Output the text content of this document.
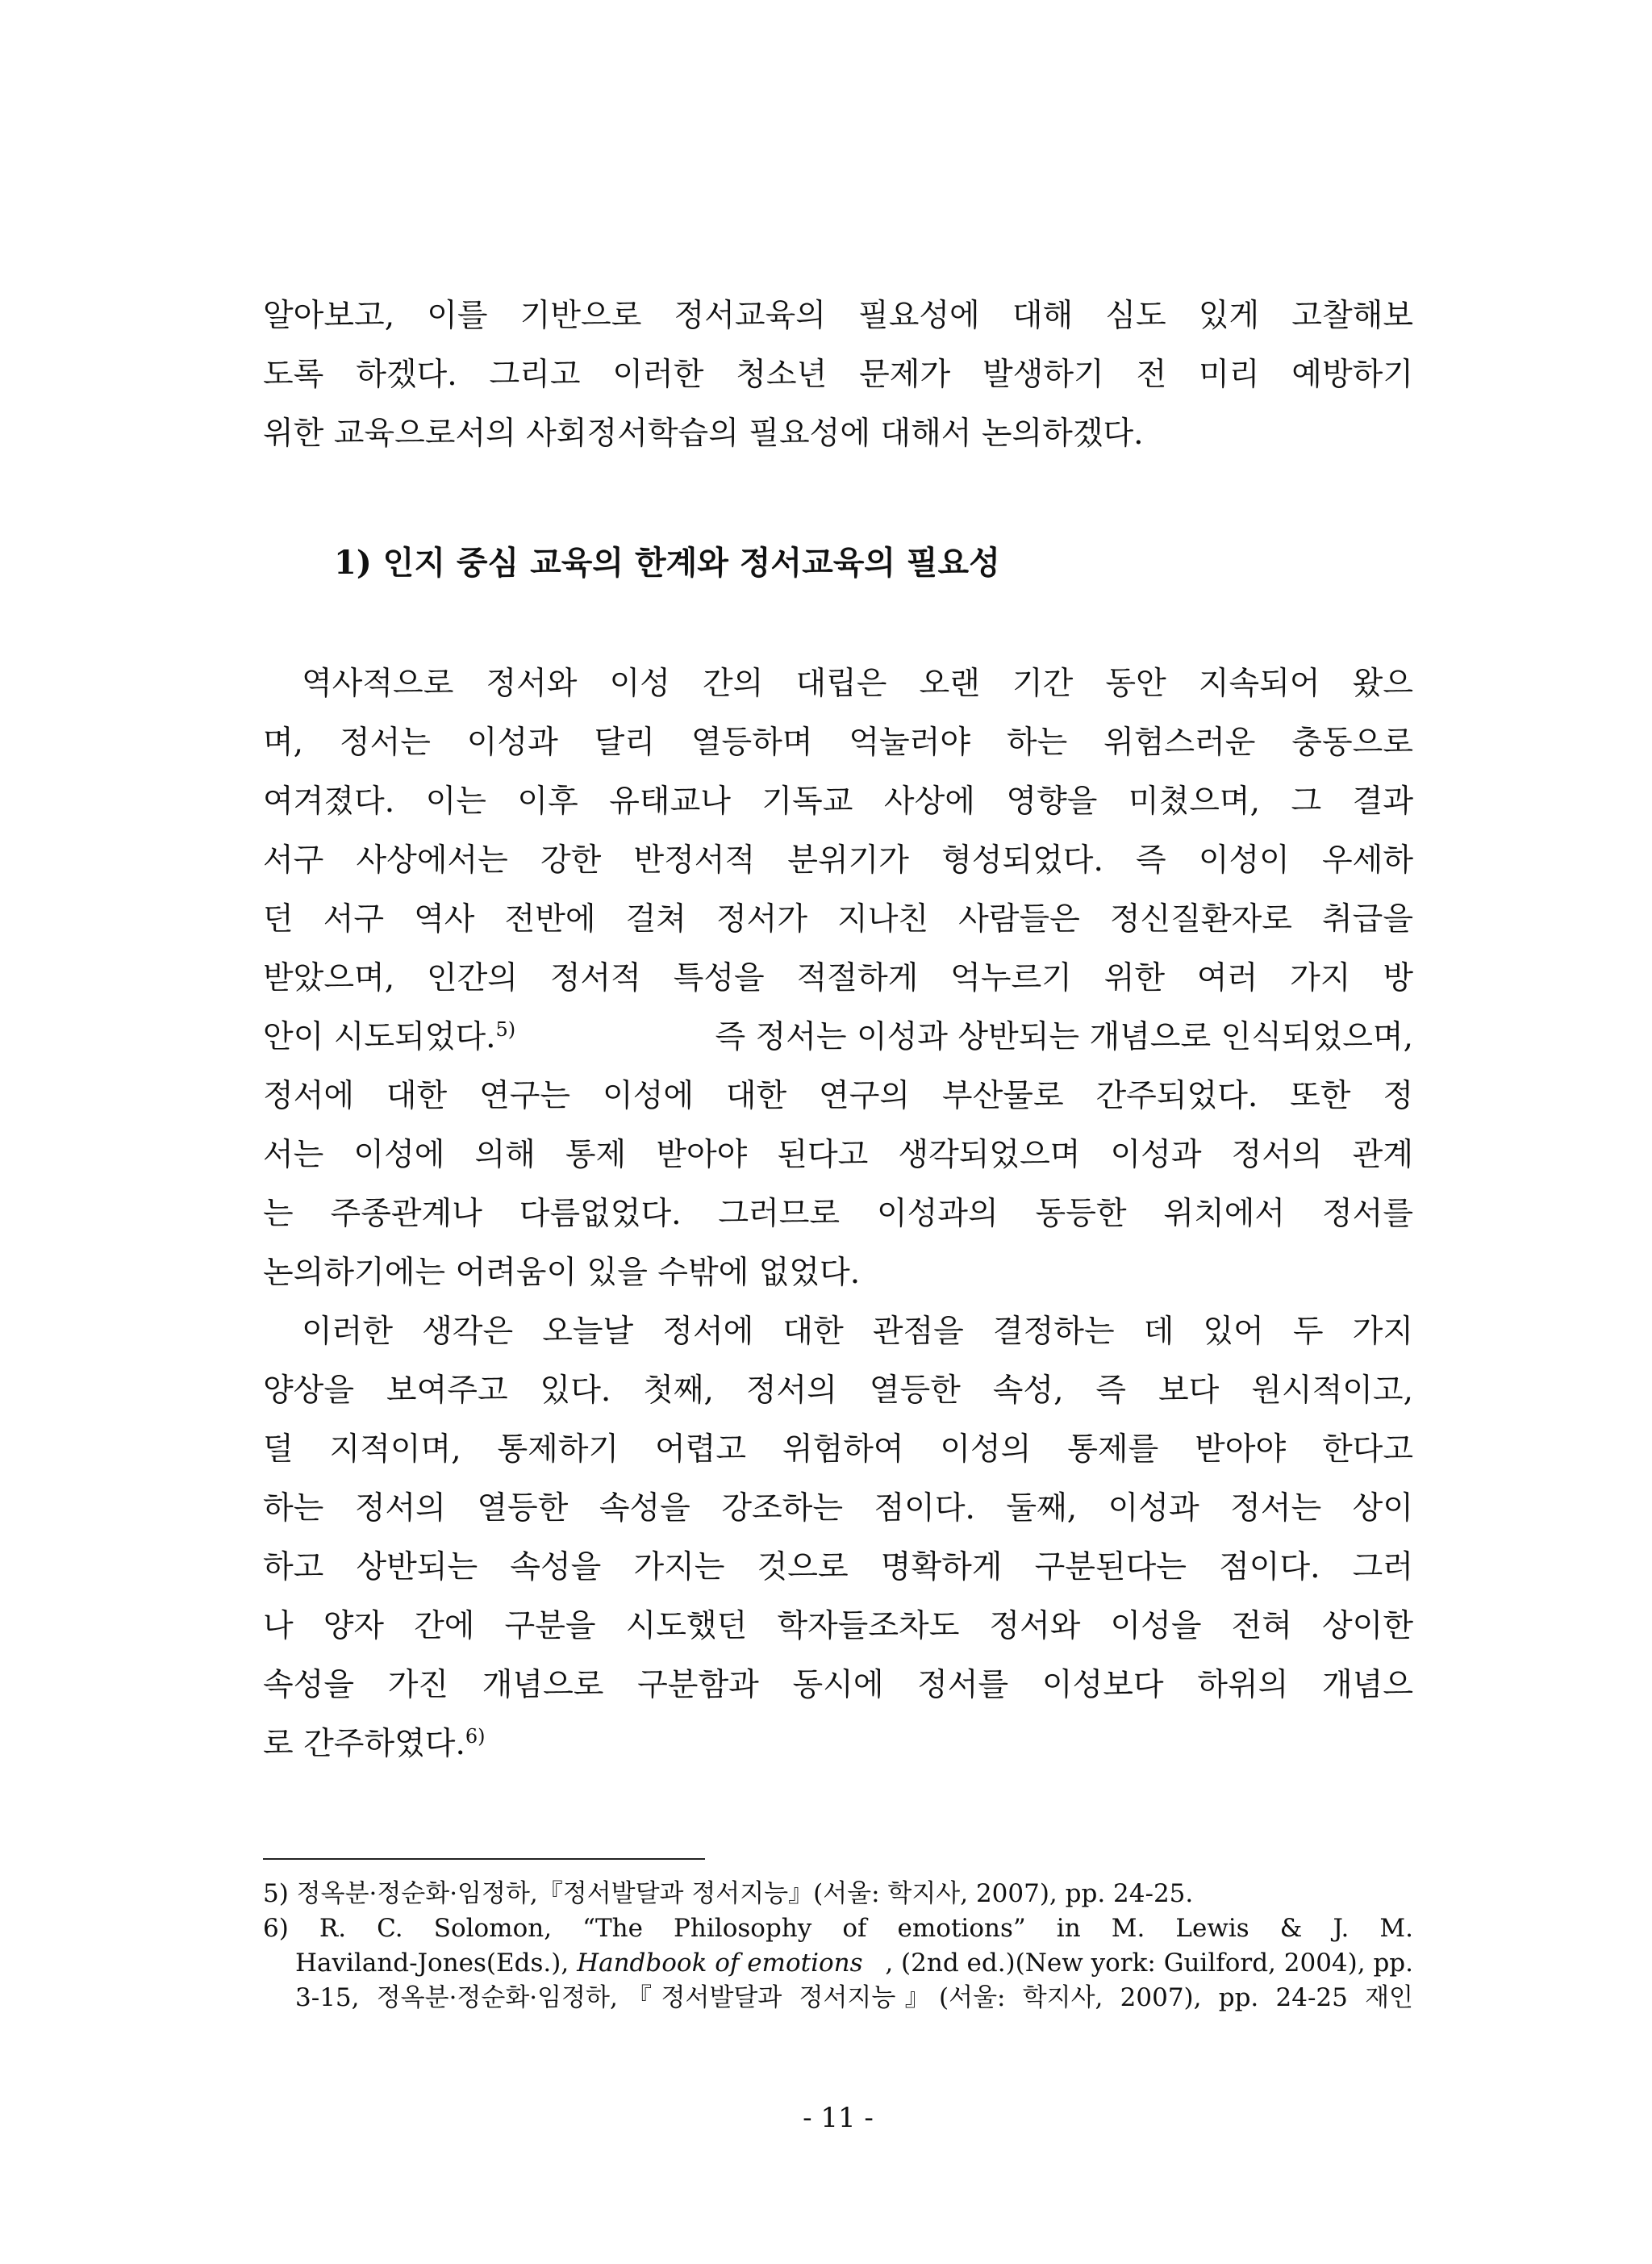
알아보고, 이를 기반으로 정서교육의 필요성에 대해 심도 있게 고찰해보
도록 하겠다. 그리고 이러한 청소년 문제가 발생하기 전 미리 예방하기
위한 교육으로서의 사회정서학습의 필요성에 대해서 논의하겠다.
1) 인지 중심 교육의 한계와 정서교육의 필요성
역사적으로 정서와 이성 간의 대립은 오랜 기간 동안 지속되어 왔으
며, 정서는 이성과 달리 열등하며 억눌러야 하는 위험스러운 충동으로
여겨졌다. 이는 이후 유태교나 기독교 사상에 영향을 미쳤으며, 그 결과
서구 사상에서는 강한 반정서적 분위기가 형성되었다. 즉 이성이 우세하
던 서구 역사 전반에 걸쳐 정서가 지나친 사람들은 정신질환자로 취급을
받았으며, 인간의 정서적 특성을 적절하게 억누르기 위한 여러 가지 방
안이 시도되었다.$^{5)}$	즉 정서는 이성과 상반되는 개념으로 인식되었으며,
정서에 대한 연구는 이성에 대한 연구의 부산물로 간주되었다. 또한 정
서는 이성에 의해 통제 받아야 된다고 생각되었으며 이성과 정서의 관계
는 주종관계나 다름없었다. 그러므로 이성과의 동등한 위치에서 정서를
논의하기에는 어려움이 있을 수밖에 없었다.
이러한 생각은 오늘날 정서에 대한 관점을 결정하는 데 있어 두 가지
양상을 보여주고 있다. 첫째, 정서의 열등한 속성, 즉 보다 원시적이고,
덜 지적이며, 통제하기 어렵고 위험하여 이성의 통제를 받아야 한다고
하는 정서의 열등한 속성을 강조하는 점이다. 둘째, 이성과 정서는 상이
하고 상반되는 속성을 가지는 것으로 명확하게 구분된다는 점이다. 그러
나 양자 간에 구분을 시도했던 학자들조차도 정서와 이성을 전혀 상이한
속성을 가진 개념으로 구분함과 동시에 정서를 이성보다 하위의 개념으
로 간주하였다.$^{6)}$
5) 정옥분·정순화·임정하,『정서발달과 정서지능』(서울: 학지사, 2007), pp. 24-25.
6) R. C. Solomon, “The Philosophy of emotions” in M. Lewis & J. M.
Haviland-Jones(Eds.), Handbook of emotions , (2nd ed.)(New york: Guilford, 2004), pp.
3-15, 정옥분·정순화·임정하,『정서발달과 정서지능』(서울: 학지사, 2007), pp. 24-25 재인
- 11 -
